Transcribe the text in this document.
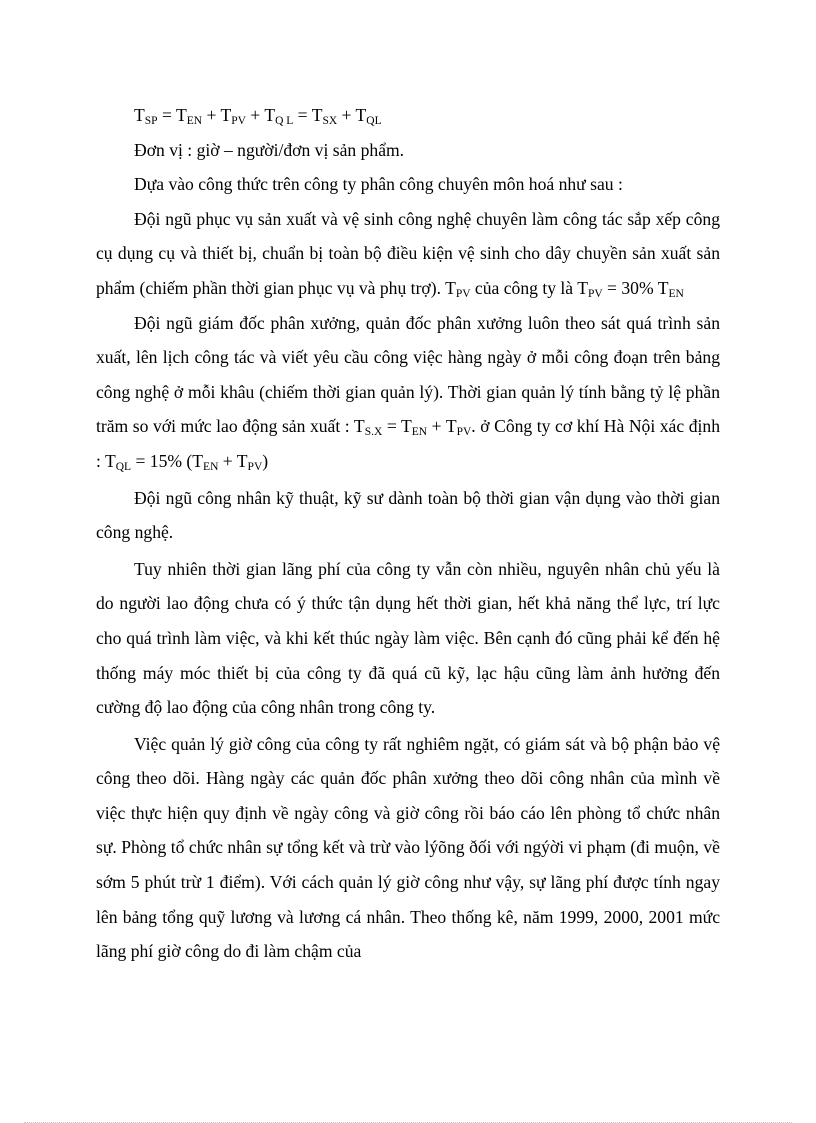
$T_{SP} = T_{EN} + T_{PV} + T_{Q L} = T_{SX} + T_{QL}$

Đơn vị : giờ – người/đơn vị sản phẩm.

Dựa vào công thức trên công ty phân công chuyên môn hoá như sau :

Đội ngũ phục vụ sản xuất và vệ sinh công nghệ chuyên làm công tác sắp xếp công cụ dụng cụ và thiết bị, chuẩn bị toàn bộ điều kiện vệ sinh cho dây chuyền sản xuất sản phẩm (chiếm phần thời gian phục vụ và phụ trợ). $T_{PV}$ của công ty là $T_{PV} = 30\%$ $T_{EN}$

Đội ngũ giám đốc phân xưởng, quản đốc phân xưởng luôn theo sát quá trình sản xuất, lên lịch công tác và viết yêu cầu công việc hàng ngày ở mỗi công đoạn trên bảng công nghệ ở mỗi khâu (chiếm thời gian quản lý). Thời gian quản lý tính bằng tỷ lệ phần trăm so với mức lao động sản xuất : $T_{S.X} = T_{EN} + T_{PV}$. ở Công ty cơ khí Hà Nội xác định : $T_{QL} = 15\%$ $(T_{EN} + T_{PV})$

Đội ngũ công nhân kỹ thuật, kỹ sư dành toàn bộ thời gian vận dụng vào thời gian công nghệ.

Tuy nhiên thời gian lãng phí của công ty vẫn còn nhiều, nguyên nhân chủ yếu là do người lao động chưa có ý thức tận dụng hết thời gian, hết khả năng thể lực, trí lực cho quá trình làm việc, và khi kết thúc ngày làm việc. Bên cạnh đó cũng phải kể đến hệ thống máy móc thiết bị của công ty đã quá cũ kỹ, lạc hậu cũng làm ảnh hưởng đến cường độ lao động của công nhân trong công ty.

Việc quản lý giờ công của công ty rất nghiêm ngặt, có giám sát và bộ phận bảo vệ công theo dõi. Hàng ngày các quản đốc phân xưởng theo dõi công nhân của mình về việc thực hiện quy định về ngày công và giờ công rồi báo cáo lên phòng tổ chức nhân sự. Phòng tổ chức nhân sự tổng kết và trừ vào lýõng ðối với ngýời vi phạm (đi muộn, về sớm 5 phút trừ 1 điểm). Với cách quản lý giờ công như vậy, sự lãng phí được tính ngay lên bảng tổng quỹ lương và lương cá nhân. Theo thống kê, năm 1999, 2000, 2001 mức lãng phí giờ công do đi làm chậm của
